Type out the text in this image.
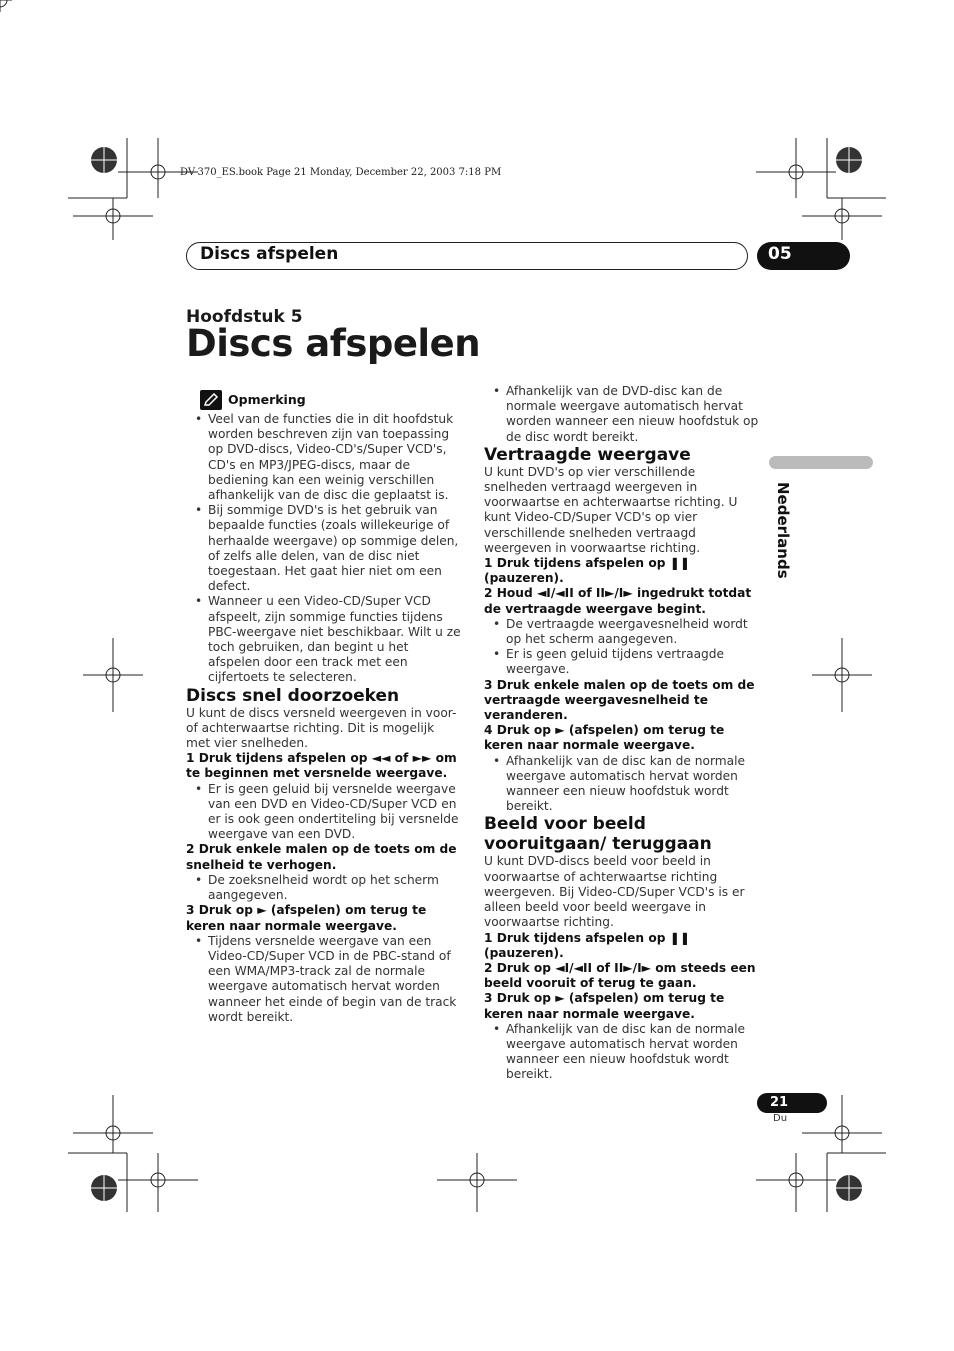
DV-370_ES.book Page 21 Monday, December 22, 2003 7:18 PM
Discs afspelen	05
Hoofdstuk 5
Discs afspelen
Opmerking

• Veel van de functies die in dit hoofdstuk worden beschreven zijn van toepassing op DVD-discs, Video-CD's/Super VCD's, CD's en MP3/JPEG-discs, maar de bediening kan een weinig verschillen afhankelijk van de disc die geplaatst is.

• Bij sommige DVD's is het gebruik van bepaalde functies (zoals willekeurige of herhaalde weergave) op sommige delen, of zelfs alle delen, van de disc niet toegestaan. Het gaat hier niet om een defect.

• Wanneer u een Video-CD/Super VCD afspeelt, zijn sommige functies tijdens PBC-weergave niet beschikbaar. Wilt u ze toch gebruiken, dan begint u het afspelen door een track met een cijfertoets te selecteren.

Discs snel doorzoeken

U kunt de discs versneld weergeven in voor- of achterwaartse richting. Dit is mogelijk met vier snelheden.

1 Druk tijdens afspelen op ◄◄ of ►► om te beginnen met versnelde weergave.

• Er is geen geluid bij versnelde weergave van een DVD en Video-CD/Super VCD en er is ook geen ondertiteling bij versnelde weergave van een DVD.

2 Druk enkele malen op de toets om de snelheid te verhogen.

• De zoeksnelheid wordt op het scherm aangegeven.

3 Druk op ► (afspelen) om terug te keren naar normale weergave.

• Tijdens versnelde weergave van een Video-CD/Super VCD in de PBC-stand of een WMA/MP3-track zal de normale weergave automatisch hervat worden wanneer het einde of begin van de track wordt bereikt.

• Afhankelijk van de DVD-disc kan de normale weergave automatisch hervat worden wanneer een nieuw hoofdstuk op de disc wordt bereikt.

Vertraagde weergave

U kunt DVD's op vier verschillende snelheden vertraagd weergeven in voorwaartse en achterwaartse richting. U kunt Video-CD/Super VCD's op vier verschillende snelheden vertraagd weergeven in voorwaartse richting.

1 Druk tijdens afspelen op ❚❚ (pauzeren).

2 Houd ◄I/◄II of II►/I► ingedrukt totdat de vertraagde weergave begint.

• De vertraagde weergavesnelheid wordt op het scherm aangegeven.

• Er is geen geluid tijdens vertraagde weergave.

3 Druk enkele malen op de toets om de vertraagde weergavesnelheid te veranderen.

4 Druk op ► (afspelen) om terug te keren naar normale weergave.

• Afhankelijk van de disc kan de normale weergave automatisch hervat worden wanneer een nieuw hoofdstuk wordt bereikt.

Beeld voor beeld vooruitgaan/ teruggaan

U kunt DVD-discs beeld voor beeld in voorwaartse of achterwaartse richting weergeven. Bij Video-CD/Super VCD's is er alleen beeld voor beeld weergave in voorwaartse richting.

1 Druk tijdens afspelen op ❚❚ (pauzeren).

2 Druk op ◄I/◄II of II►/I► om steeds een beeld vooruit of terug te gaan.

3 Druk op ► (afspelen) om terug te keren naar normale weergave.

• Afhankelijk van de disc kan de normale weergave automatisch hervat worden wanneer een nieuw hoofdstuk wordt bereikt.

Nederlands
21
Du
